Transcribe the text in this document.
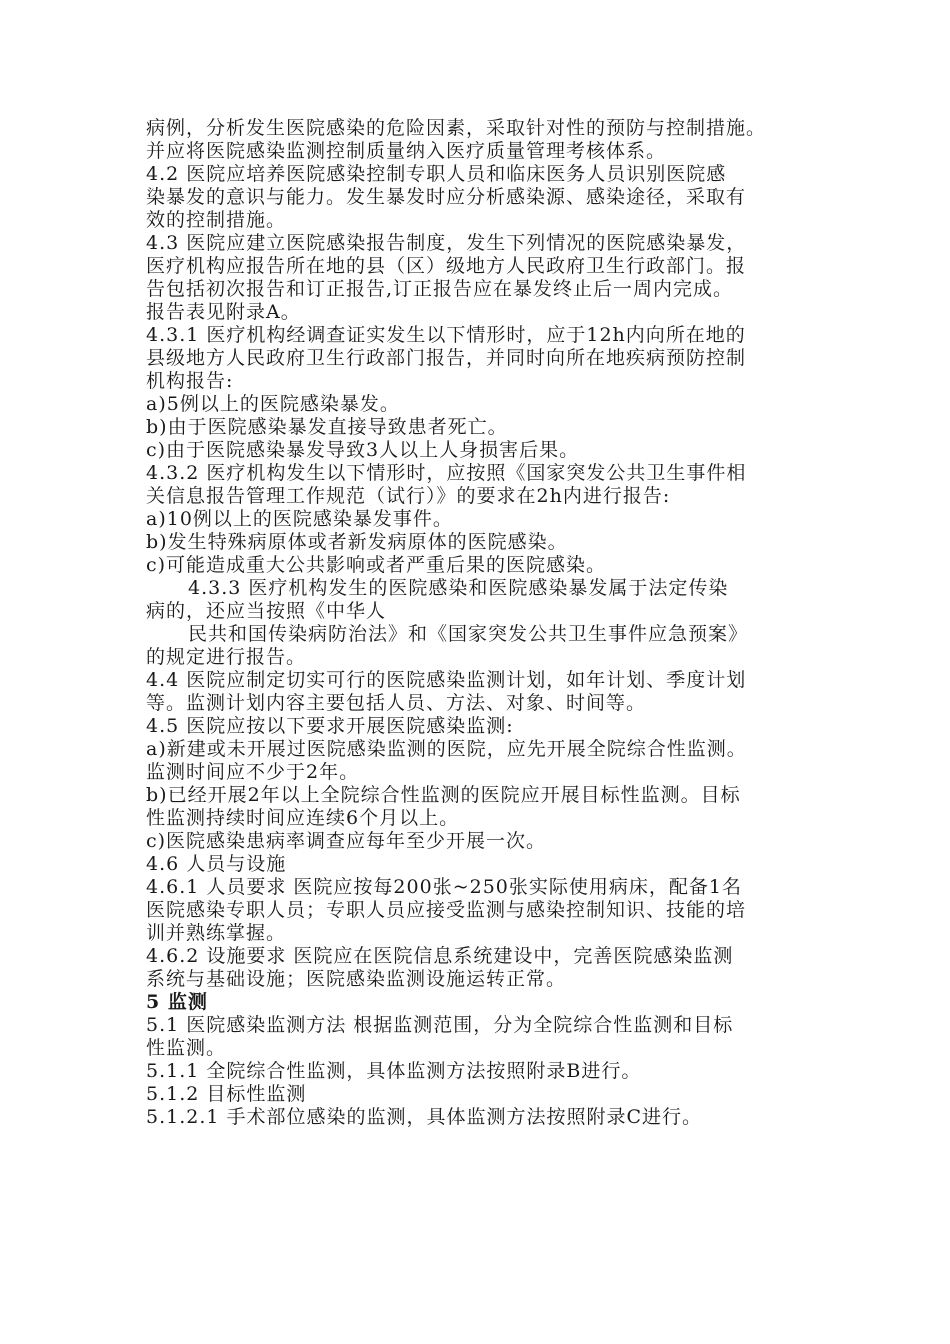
病例，分析发生医院感染的危险因素，采取针对性的预防与控制措施。
并应将医院感染监测控制质量纳入医疗质量管理考核体系。
4.2 医院应培养医院感染控制专职人员和临床医务人员识别医院感
染暴发的意识与能力。发生暴发时应分析感染源、感染途径，采取有
效的控制措施。
4.3 医院应建立医院感染报告制度，发生下列情况的医院感染暴发，
医疗机构应报告所在地的县（区）级地方人民政府卫生行政部门。报
告包括初次报告和订正报告,订正报告应在暴发终止后一周内完成。
报告表见附录A。
4.3.1 医疗机构经调查证实发生以下情形时，应于12h内向所在地的
县级地方人民政府卫生行政部门报告，并同时向所在地疾病预防控制
机构报告:
a)5例以上的医院感染暴发。
b)由于医院感染暴发直接导致患者死亡。
c)由于医院感染暴发导致3人以上人身损害后果。
4.3.2 医疗机构发生以下情形时，应按照《国家突发公共卫生事件相
关信息报告管理工作规范（试行）》的要求在2h内进行报告:
a)10例以上的医院感染暴发事件。
b)发生特殊病原体或者新发病原体的医院感染。
c)可能造成重大公共影响或者严重后果的医院感染。
4.3.3 医疗机构发生的医院感染和医院感染暴发属于法定传染
病的，还应当按照《中华人
民共和国传染病防治法》和《国家突发公共卫生事件应急预案》
的规定进行报告。
4.4 医院应制定切实可行的医院感染监测计划，如年计划、季度计划
等。监测计划内容主要包括人员、方法、对象、时间等。
4.5 医院应按以下要求开展医院感染监测:
a)新建或未开展过医院感染监测的医院，应先开展全院综合性监测。
监测时间应不少于2年。
b)已经开展2年以上全院综合性监测的医院应开展目标性监测。目标
性监测持续时间应连续6个月以上。
c)医院感染患病率调查应每年至少开展一次。
4.6 人员与设施
4.6.1 人员要求 医院应按每200张~250张实际使用病床，配备1名
医院感染专职人员；专职人员应接受监测与感染控制知识、技能的培
训并熟练掌握。
4.6.2 设施要求 医院应在医院信息系统建设中，完善医院感染监测
系统与基础设施；医院感染监测设施运转正常。
5 监测
5.1 医院感染监测方法 根据监测范围，分为全院综合性监测和目标
性监测。
5.1.1 全院综合性监测，具体监测方法按照附录B进行。
5.1.2 目标性监测
5.1.2.1 手术部位感染的监测，具体监测方法按照附录C进行。
